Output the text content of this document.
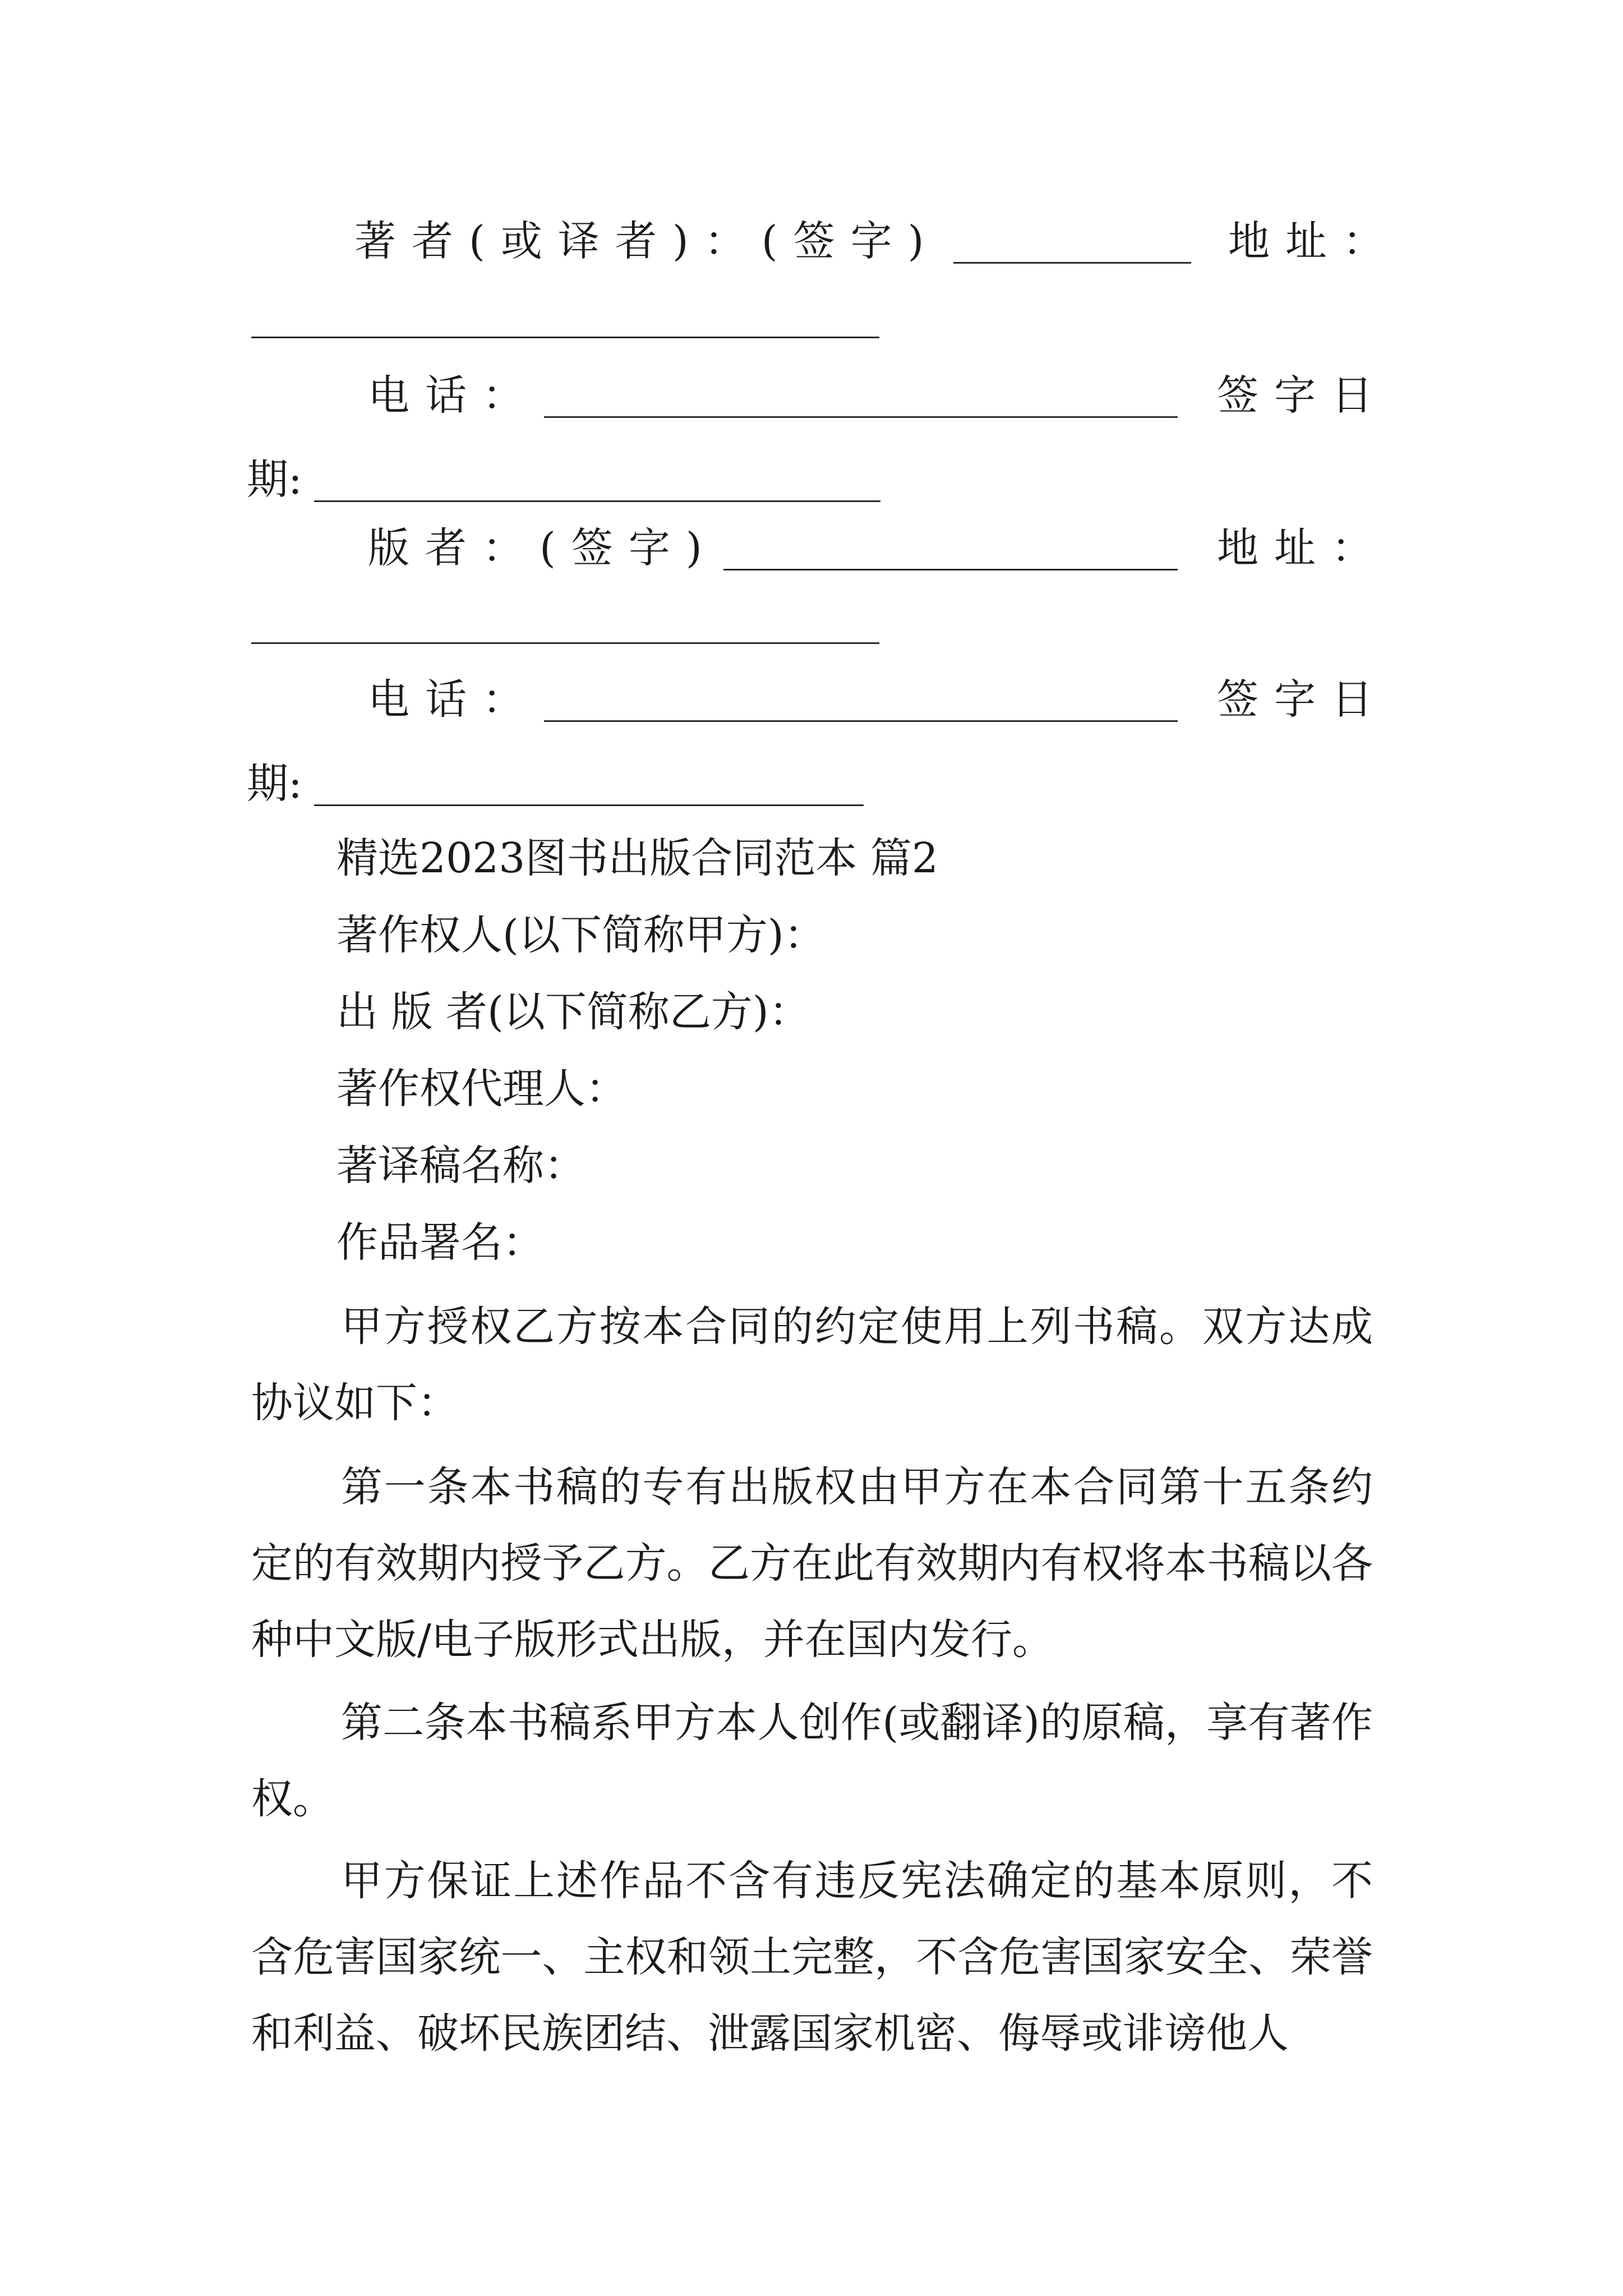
著者(或译者)：(签字)	地址：
电话：	签字日
期:
版者：(签字)	地址：
电话：	签字日
期:
精选2023图书出版合同范本 篇2
著作权人(以下简称甲方)：
出 版 者(以下简称乙方)：
著作权代理人：
著译稿名称：
作品署名：
甲方授权乙方按本合同的约定使用上列书稿。双方达成协议如下：
第一条本书稿的专有出版权由甲方在本合同第十五条约定的有效期内授予乙方。乙方在此有效期内有权将本书稿以各种中文版/电子版形式出版，并在国内发行。
第二条本书稿系甲方本人创作(或翻译)的原稿，享有著作权。
甲方保证上述作品不含有违反宪法确定的基本原则，不含危害国家统一、主权和领土完整，不含危害国家安全、荣誉和利益、破坏民族团结、泄露国家机密、侮辱或诽谤他人
